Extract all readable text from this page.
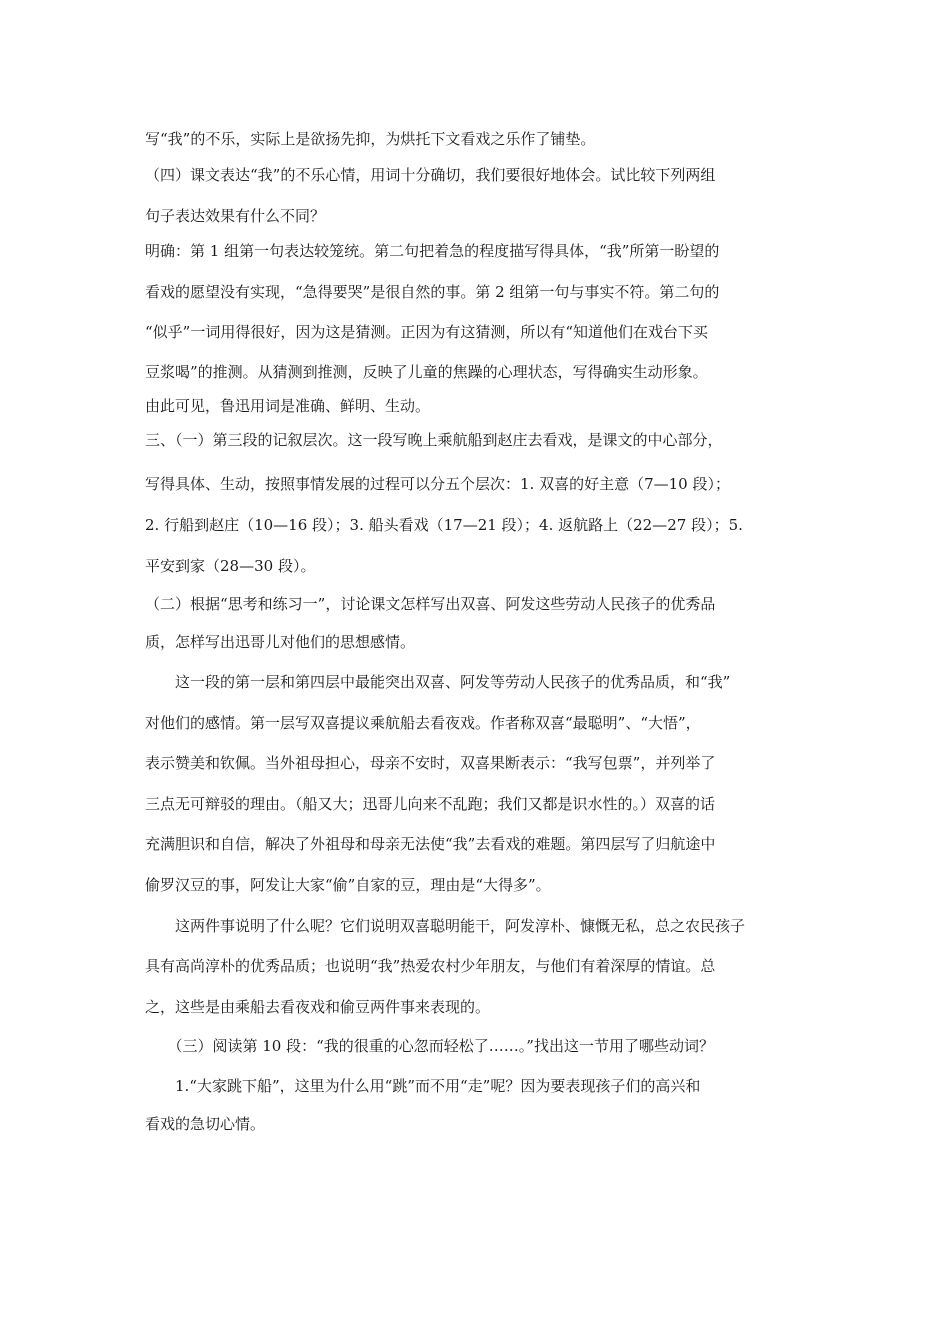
写“我”的不乐，实际上是欲扬先抑，为烘托下文看戏之乐作了铺垫。
（四）课文表达“我”的不乐心情，用词十分确切，我们要很好地体会。试比较下列两组
句子表达效果有什么不同？
明确：第 1 组第一句表达较笼统。第二句把着急的程度描写得具体，“我”所第一盼望的
看戏的愿望没有实现，“急得要哭”是很自然的事。第 2 组第一句与事实不符。第二句的
“似乎”一词用得很好，因为这是猜测。正因为有这猜测，所以有“知道他们在戏台下买
豆浆喝”的推测。从猜测到推测，反映了儿童的焦躁的心理状态，写得确实生动形象。
由此可见，鲁迅用词是准确、鲜明、生动。
三、（一）第三段的记叙层次。这一段写晚上乘航船到赵庄去看戏，是课文的中心部分，
写得具体、生动，按照事情发展的过程可以分五个层次：1. 双喜的好主意（7—10 段）；
2. 行船到赵庄（10—16 段）；3. 船头看戏（17—21 段）；4. 返航路上（22—27 段）；5.
平安到家（28—30 段）。
（二）根据“思考和练习一”，讨论课文怎样写出双喜、阿发这些劳动人民孩子的优秀品
质，怎样写出迅哥儿对他们的思想感情。
　　这一段的第一层和第四层中最能突出双喜、阿发等劳动人民孩子的优秀品质，和“我”
对他们的感情。第一层写双喜提议乘航船去看夜戏。作者称双喜“最聪明”、“大悟”，
表示赞美和钦佩。当外祖母担心，母亲不安时，双喜果断表示：“我写包票”，并列举了
三点无可辩驳的理由。（船又大；迅哥儿向来不乱跑；我们又都是识水性的。）双喜的话
充满胆识和自信，解决了外祖母和母亲无法使“我”去看戏的难题。第四层写了归航途中
偷罗汉豆的事，阿发让大家“偷”自家的豆，理由是“大得多”。
　　这两件事说明了什么呢？它们说明双喜聪明能干，阿发淳朴、慷慨无私，总之农民孩子
具有高尚淳朴的优秀品质；也说明“我”热爱农村少年朋友，与他们有着深厚的情谊。总
之，这些是由乘船去看夜戏和偷豆两件事来表现的。
　　（三）阅读第 10 段：“我的很重的心忽而轻松了……。”找出这一节用了哪些动词？
　　1.“大家跳下船”，这里为什么用“跳”而不用“走”呢？因为要表现孩子们的高兴和
看戏的急切心情。
